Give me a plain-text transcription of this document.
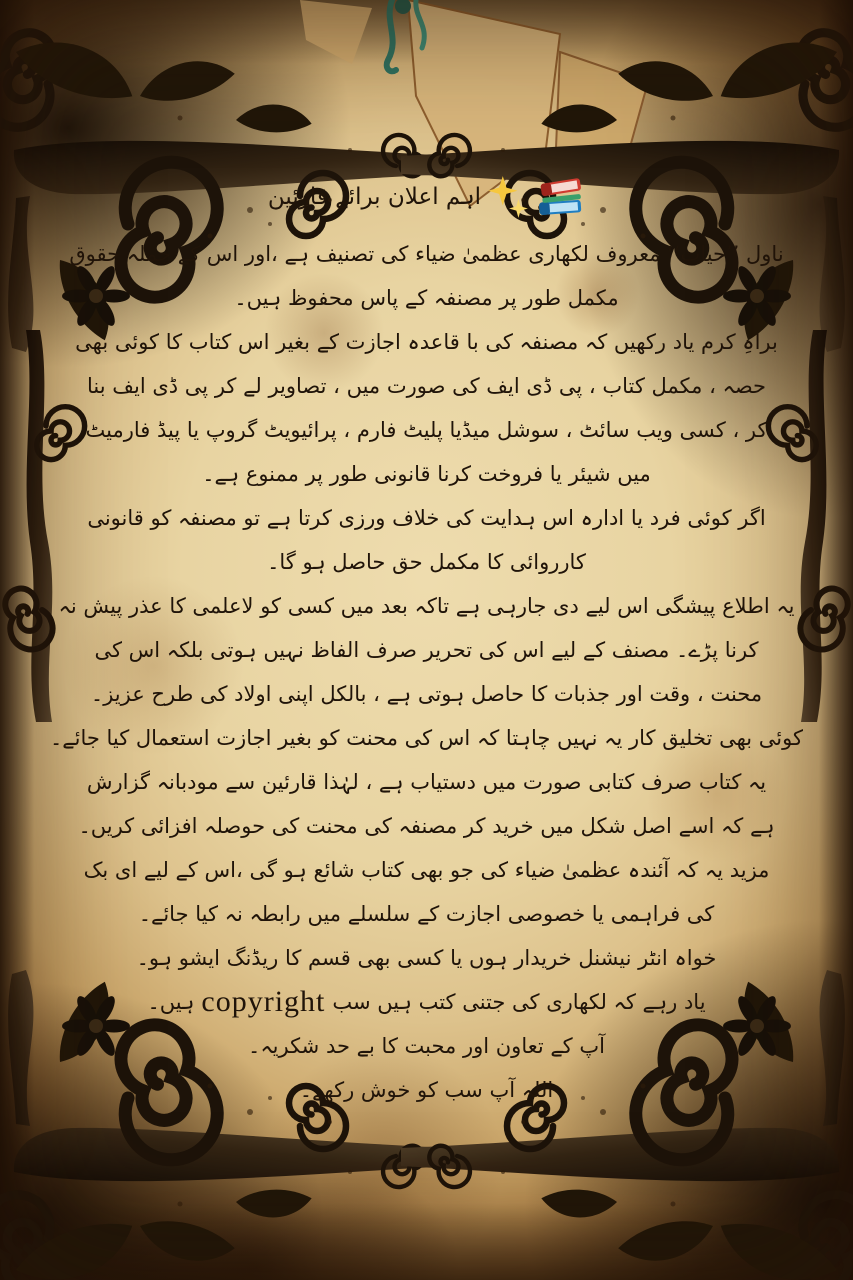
اہم اعلان برائے قارئین
ناول ’’حیات‘‘ معروف لکھاری عظمیٰ ضیاء کی تصنیف ہے ،اور اس کے جملہ حقوق
مکمل طور پر مصنفہ کے پاس محفوظ ہیں۔
براہِ کرم یاد رکھیں کہ مصنفہ کی با قاعدہ اجازت کے بغیر اس کتاب کا کوئی بھی
حصہ ، مکمل کتاب ، پی ڈی ایف کی صورت میں ، تصاویر لے کر پی ڈی ایف بنا
کر ، کسی ویب سائٹ ، سوشل میڈیا پلیٹ فارم ، پرائیویٹ گروپ یا پیڈ فارمیٹ
میں شیئر یا فروخت کرنا قانونی طور پر ممنوع ہے۔
اگر کوئی فرد یا ادارہ اس ہدایت کی خلاف ورزی کرتا ہے تو مصنفہ کو قانونی
کارروائی کا مکمل حق حاصل ہو گا۔
یہ اطلاع پیشگی اس لیے دی جارہی ہے تاکہ بعد میں کسی کو لاعلمی کا عذر پیش نہ
کرنا پڑے۔ مصنف کے لیے اس کی تحریر صرف الفاظ نہیں ہوتی بلکہ اس کی
محنت ، وقت اور جذبات کا حاصل ہوتی ہے ، بالکل اپنی اولاد کی طرح عزیز۔
کوئی بھی تخلیق کار یہ نہیں چاہتا کہ اس کی محنت کو بغیر اجازت استعمال کیا جائے۔
یہ کتاب صرف کتابی صورت میں دستیاب ہے ، لہٰذا قارئین سے مودبانہ گزارش
ہے کہ اسے اصل شکل میں خرید کر مصنفہ کی محنت کی حوصلہ افزائی کریں۔
مزید یہ کہ آئندہ عظمیٰ ضیاء کی جو بھی کتاب شائع ہو گی ،اس کے لیے ای بک
کی فراہمی یا خصوصی اجازت کے سلسلے میں رابطہ نہ کیا جائے۔
خواہ انٹر نیشنل خریدار ہوں یا کسی بھی قسم کا ریڈنگ ایشو ہو۔
یاد رہے کہ لکھاری کی جتنی کتب ہیں سب
copyright
ہیں۔
آپ کے تعاون اور محبت کا بے حد شکریہ۔
اللہ آپ سب کو خوش رکھے۔
